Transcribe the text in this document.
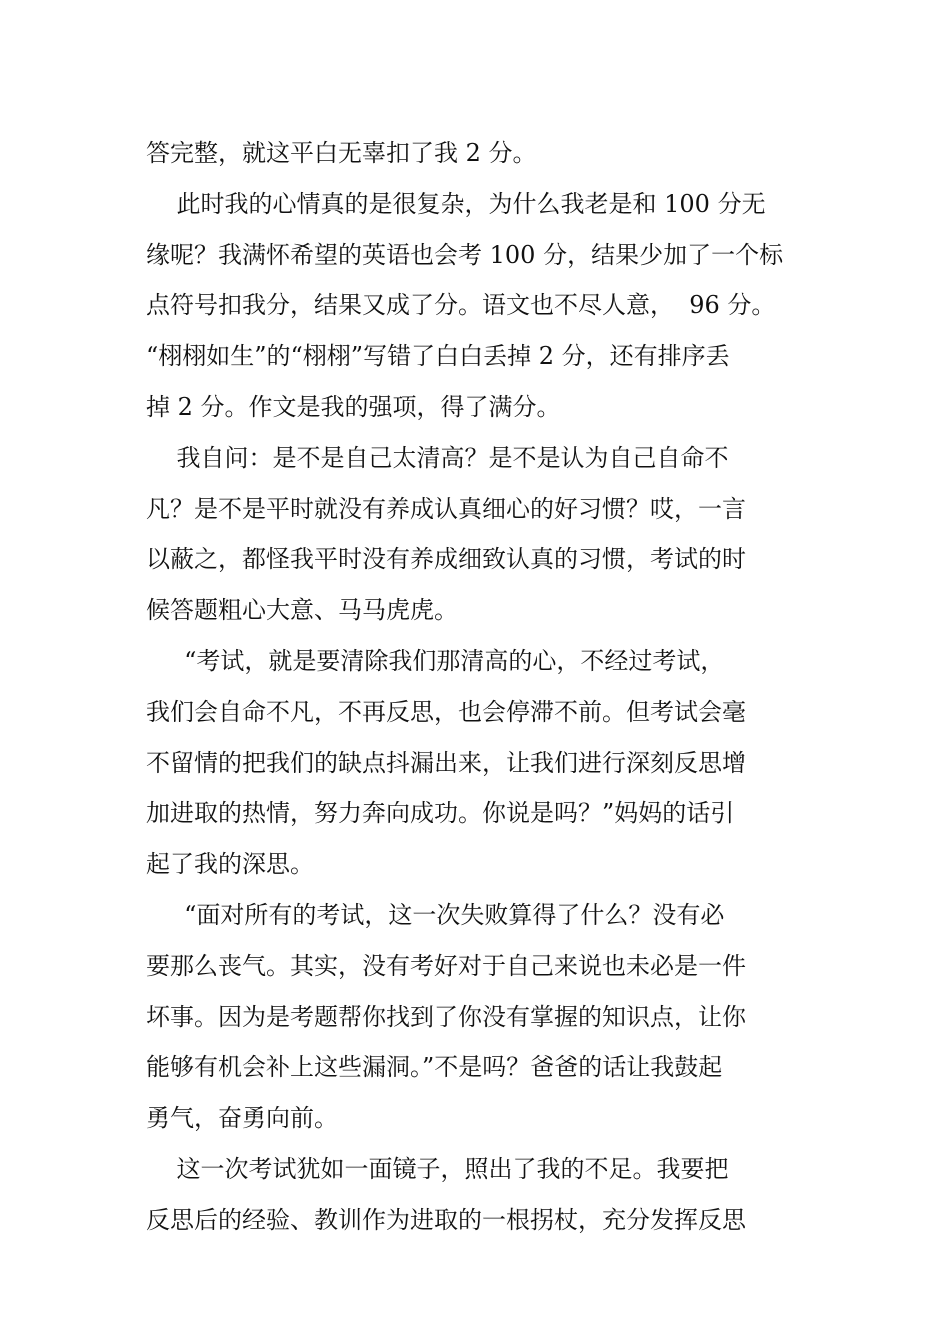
答完整，就这平白无辜扣了我 2 分。
此时我的心情真的是很复杂，为什么我老是和 100 分无
缘呢？我满怀希望的英语也会考 100 分，结果少加了一个标
点符号扣我分，结果又成了分。语文也不尽人意，  96 分。
“栩栩如生”的“栩栩”写错了白白丢掉 2 分，还有排序丢
掉 2 分。作文是我的强项，得了满分。
我自问：是不是自己太清高？是不是认为自己自命不
凡？是不是平时就没有养成认真细心的好习惯？哎，一言
以蔽之，都怪我平时没有养成细致认真的习惯，考试的时
候答题粗心大意、马马虎虎。
“考试，就是要清除我们那清高的心，不经过考试，
我们会自命不凡，不再反思，也会停滞不前。但考试会毫
不留情的把我们的缺点抖漏出来，让我们进行深刻反思增
加进取的热情，努力奔向成功。你说是吗？”妈妈的话引
起了我的深思。
“面对所有的考试，这一次失败算得了什么？没有必
要那么丧气。其实，没有考好对于自己来说也未必是一件
坏事。因为是考题帮你找到了你没有掌握的知识点，让你
能够有机会补上这些漏洞。”不是吗？爸爸的话让我鼓起
勇气，奋勇向前。
这一次考试犹如一面镜子，照出了我的不足。我要把
反思后的经验、教训作为进取的一根拐杖，充分发挥反思
